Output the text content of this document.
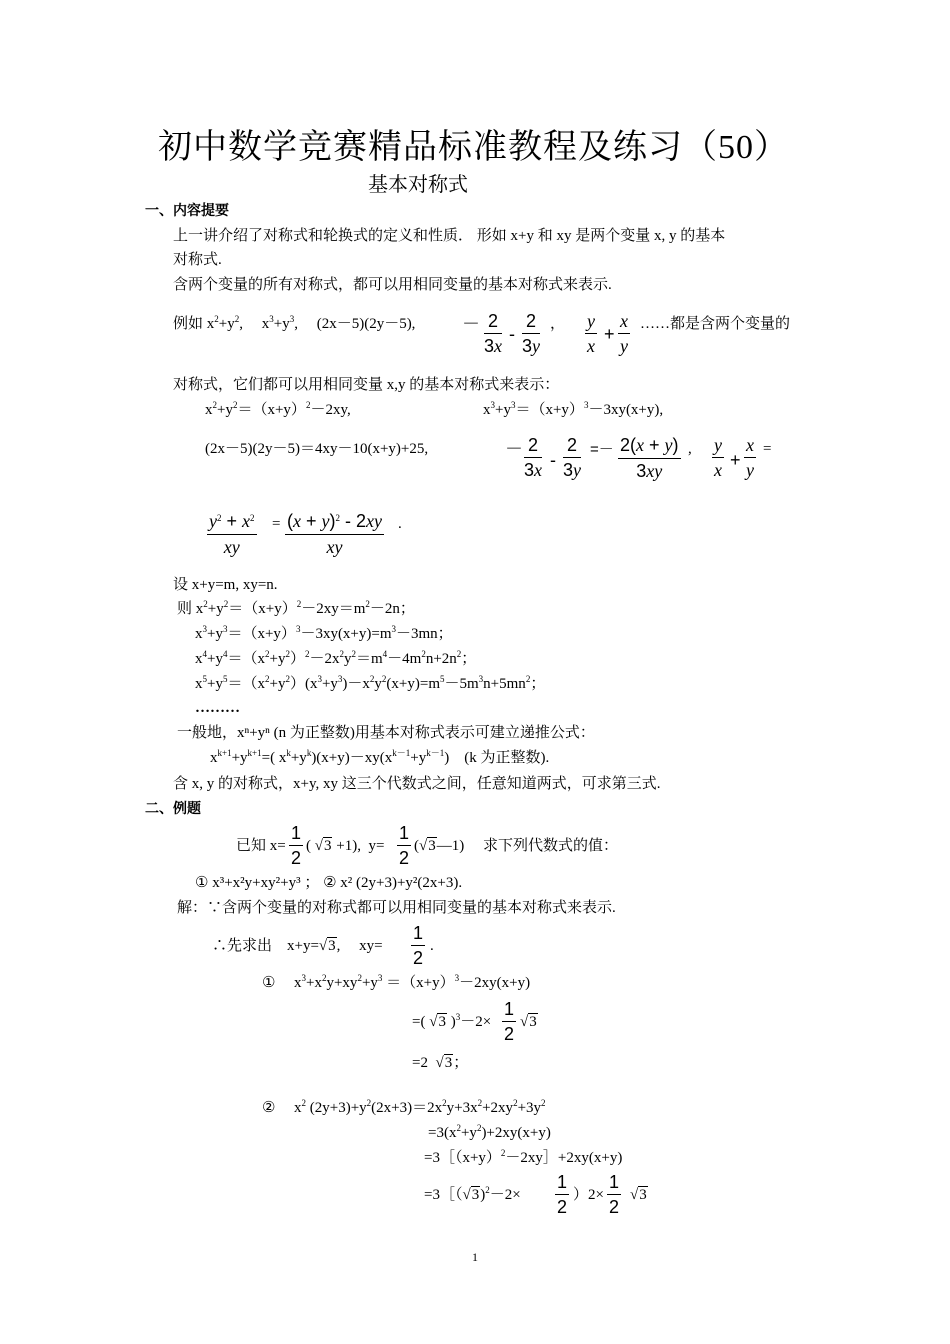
初中数学竞赛精品标准教程及练习（50）
基本对称式
一、内容提要
上一讲介绍了对称式和轮换式的定义和性质． 形如 x+y 和 xy 是两个变量 x, y 的基本
对称式.
含两个变量的所有对称式，都可以用相同变量的基本对称式来表示.
例如 $x^2+y^2$,     $x^3+y^3$,     (2x－5)(2y－5),	－ 2
3x
-
2
3y
， $\frac{y}{x} + \frac{x}{y}$ ……都是含两个变量的
对称式，它们都可以用相同变量 x,y 的基本对称式来表示：
$x^2+y^2=(x+y)^2-2xy$,	$x^3+y^3=(x+y)^3-3xy(x+y)$,
(2x－5)(2y－5)＝4xy－10(x+y)+25,	－ 2
3x -
2
3y
=－ $\frac{2(x + y)}{3xy}$ , $\frac{y}{x} + \frac{x}{y}$ =
$y^2 + x^2$
xy
= $(x + y)^2 - 2xy$
xy
.
设 x+y=m, xy=n.
则 $x^2+y^2=(x+y)^2-2xy=m^2-2n$；
$x^3+y^3=(x+y)^3-3xy(x+y)=m^3-3mn$；
$x^4+y^4=(x^2+y^2)^2-2x^2y^2=m^4-4m^2n+2n^2$；
$x^5+y^5=(x^2+y^2)(x^3+y^3)-x^2y^2(x+y)=m^5-5m^3n+5mn^2$；
………
一般地，xⁿ+yⁿ (n 为正整数)用基本对称式表示可建立递推公式：
$x^{k+1}+y^{k+1}=$( $x^k+y^k)(x+y)-xy(x^{k-1}+y^{k-1})$    (k 为正整数).
含 x, y 的对称式，x+y, xy 这三个代数式之间，任意知道两式，可求第三式.
二、例题
已知 $x= \frac{1}{2}$ ( √3 +1),  $y= \frac{1}{2}$ (√3—1) 求下列代数式的值：
① x³+x²y+xy²+y³ ； ② x² (2y+3)+y²(2x+3).
解：∵含两个变量的对称式都可以用相同变量的基本对称式来表示.
∴先求出    x+y=√3,     $xy= \frac{1}{2}$ .
① $x^3+x^2y+xy^2+y^3 =(x+y)^3-2xy(x+y)$
=( √3 )$^3-2\times \frac{1}{2} √3$
=2  √3；
② $x^2$ $(2y+3)+y^2(2x+3)=2x^2y+3x^2+2xy^2+3y^2$
$=3(x^2+y^2)+2xy(x+y)$
$=3[(x+y)^2-2xy]+2xy(x+y)$
=3［（√3)$^2$－2× $\frac{1}{2} )2\times \frac{1}{2} √3$
1
